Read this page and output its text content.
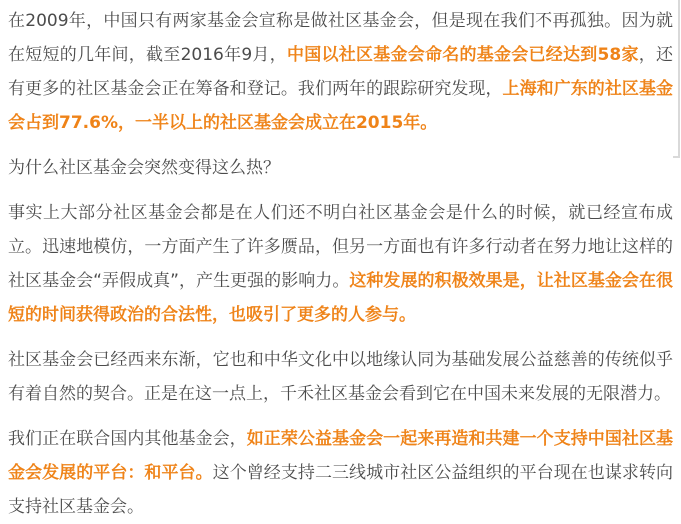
在2009年，中国只有两家基金会宣称是做社区基金会，但是现在我们不再孤独。因为就在短短的几年间，截至2016年9月，中国以社区基金会命名的基金会已经达到58家，还有更多的社区基金会正在筹备和登记。我们两年的跟踪研究发现，上海和广东的社区基金会占到77.6%，一半以上的社区基金会成立在2015年。

为什么社区基金会突然变得这么热？

事实上大部分社区基金会都是在人们还不明白社区基金会是什么的时候，就已经宣布成立。迅速地模仿，一方面产生了许多赝品，但另一方面也有许多行动者在努力地让这样的社区基金会“弄假成真”，产生更强的影响力。这种发展的积极效果是，让社区基金会在很短的时间获得政治的合法性，也吸引了更多的人参与。

社区基金会已经西来东渐，它也和中华文化中以地缘认同为基础发展公益慈善的传统似乎有着自然的契合。正是在这一点上，千禾社区基金会看到它在中国未来发展的无限潜力。

我们正在联合国内其他基金会，如正荣公益基金会一起来再造和共建一个支持中国社区基金会发展的平台：和平台。这个曾经支持二三线城市社区公益组织的平台现在也谋求转向支持社区基金会。
